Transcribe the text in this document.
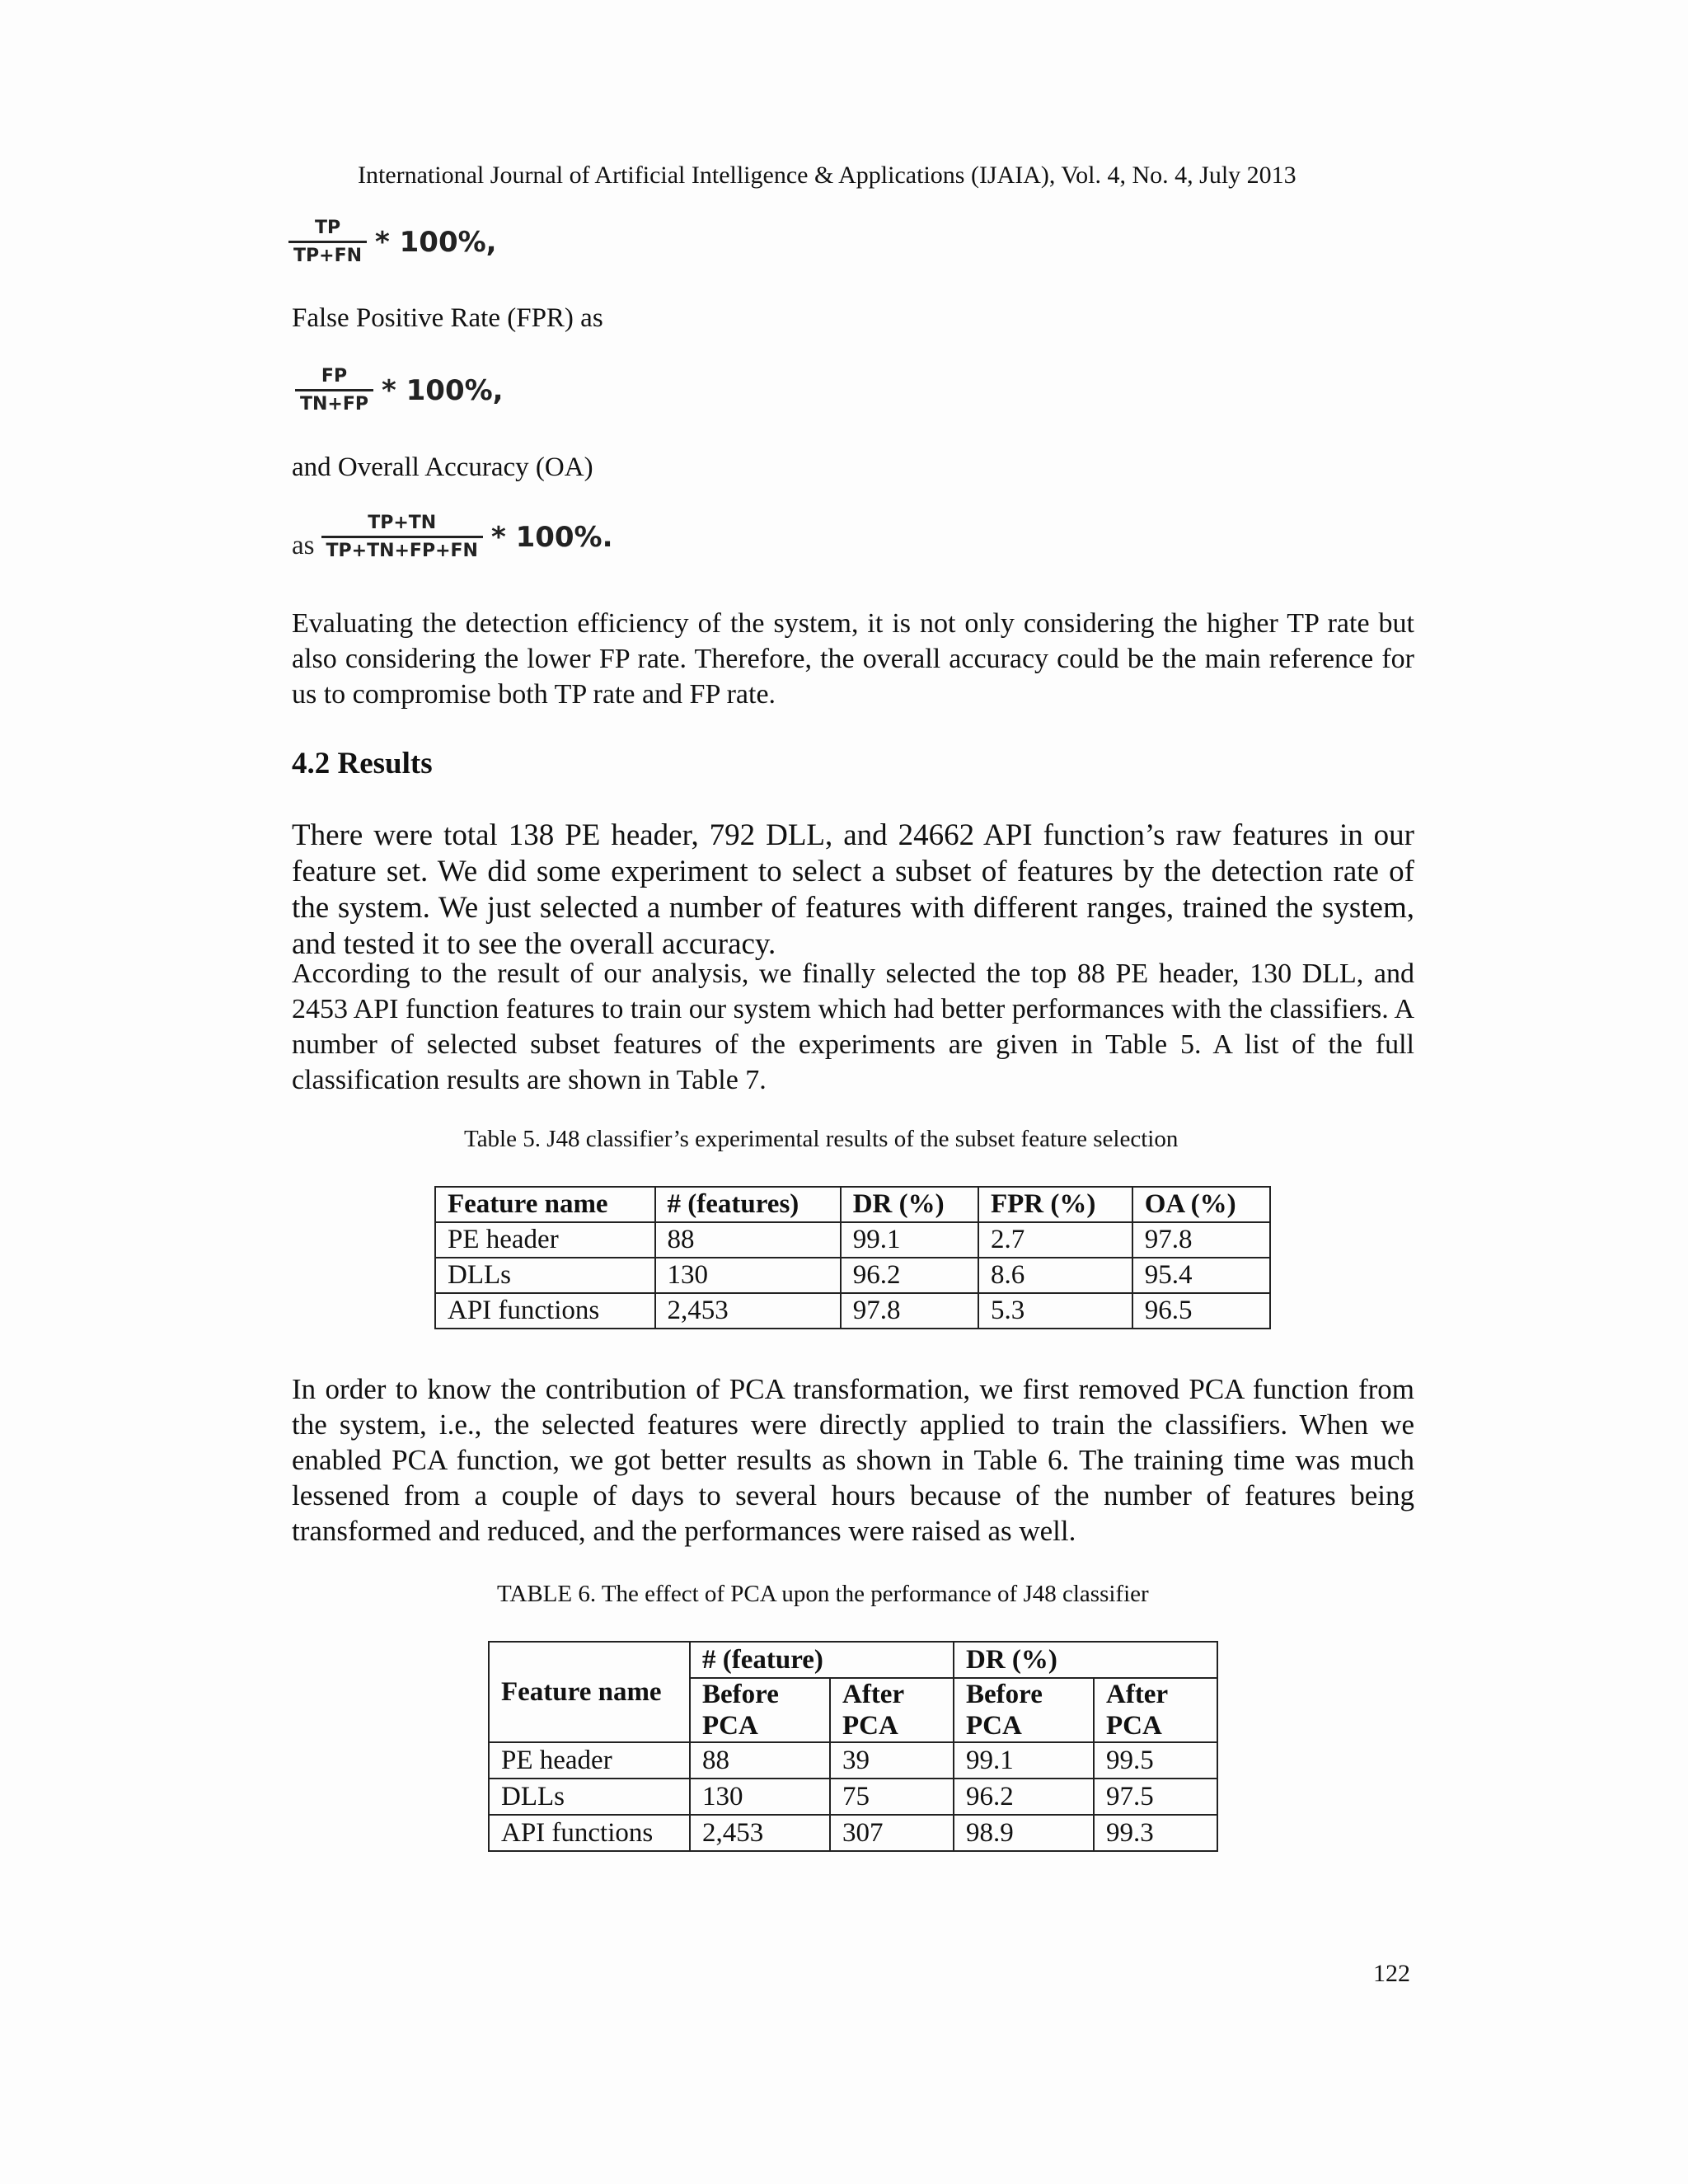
International Journal of Artificial Intelligence & Applications (IJAIA), Vol. 4, No. 4, July 2013
$\frac{TP}{TP+FN} * 100\%$,
False Positive Rate (FPR) as
$\frac{FP}{TN+FP} * 100\%$,
and Overall Accuracy (OA)
as $\frac{TP+TN}{TP+TN+FP+FN} * 100\%$.

Evaluating the detection efficiency of the system, it is not only considering the higher TP rate but also considering the lower FP rate. Therefore, the overall accuracy could be the main reference for us to compromise both TP rate and FP rate.

4.2 Results

There were total 138 PE header, 792 DLL, and 24662 API function’s raw features in our feature set. We did some experiment to select a subset of features by the detection rate of the system. We just selected a number of features with different ranges, trained the system, and tested it to see the overall accuracy.

According to the result of our analysis, we finally selected the top 88 PE header, 130 DLL, and 2453 API function features to train our system which had better performances with the classifiers. A number of selected subset features of the experiments are given in Table 5. A list of the full classification results are shown in Table 7.

Table 5. J48 classifier’s experimental results of the subset feature selection
Feature name	# (features)	DR (%)	FPR (%)	OA (%)
PE header	88	99.1	2.7	97.8
DLLs	130	96.2	8.6	95.4
API functions	2,453	97.8	5.3	96.5

In order to know the contribution of PCA transformation, we first removed PCA function from the system, i.e., the selected features were directly applied to train the classifiers. When we enabled PCA function, we got better results as shown in Table 6. The training time was much lessened from a couple of days to several hours because of the number of features being transformed and reduced, and the performances were raised as well.

TABLE 6. The effect of PCA upon the performance of J48 classifier
Feature name	# (feature)		DR (%)	
	Before PCA	After PCA	Before PCA	After PCA
PE header	88	39	99.1	99.5
DLLs	130	75	96.2	97.5
API functions	2,453	307	98.9	99.3
122
